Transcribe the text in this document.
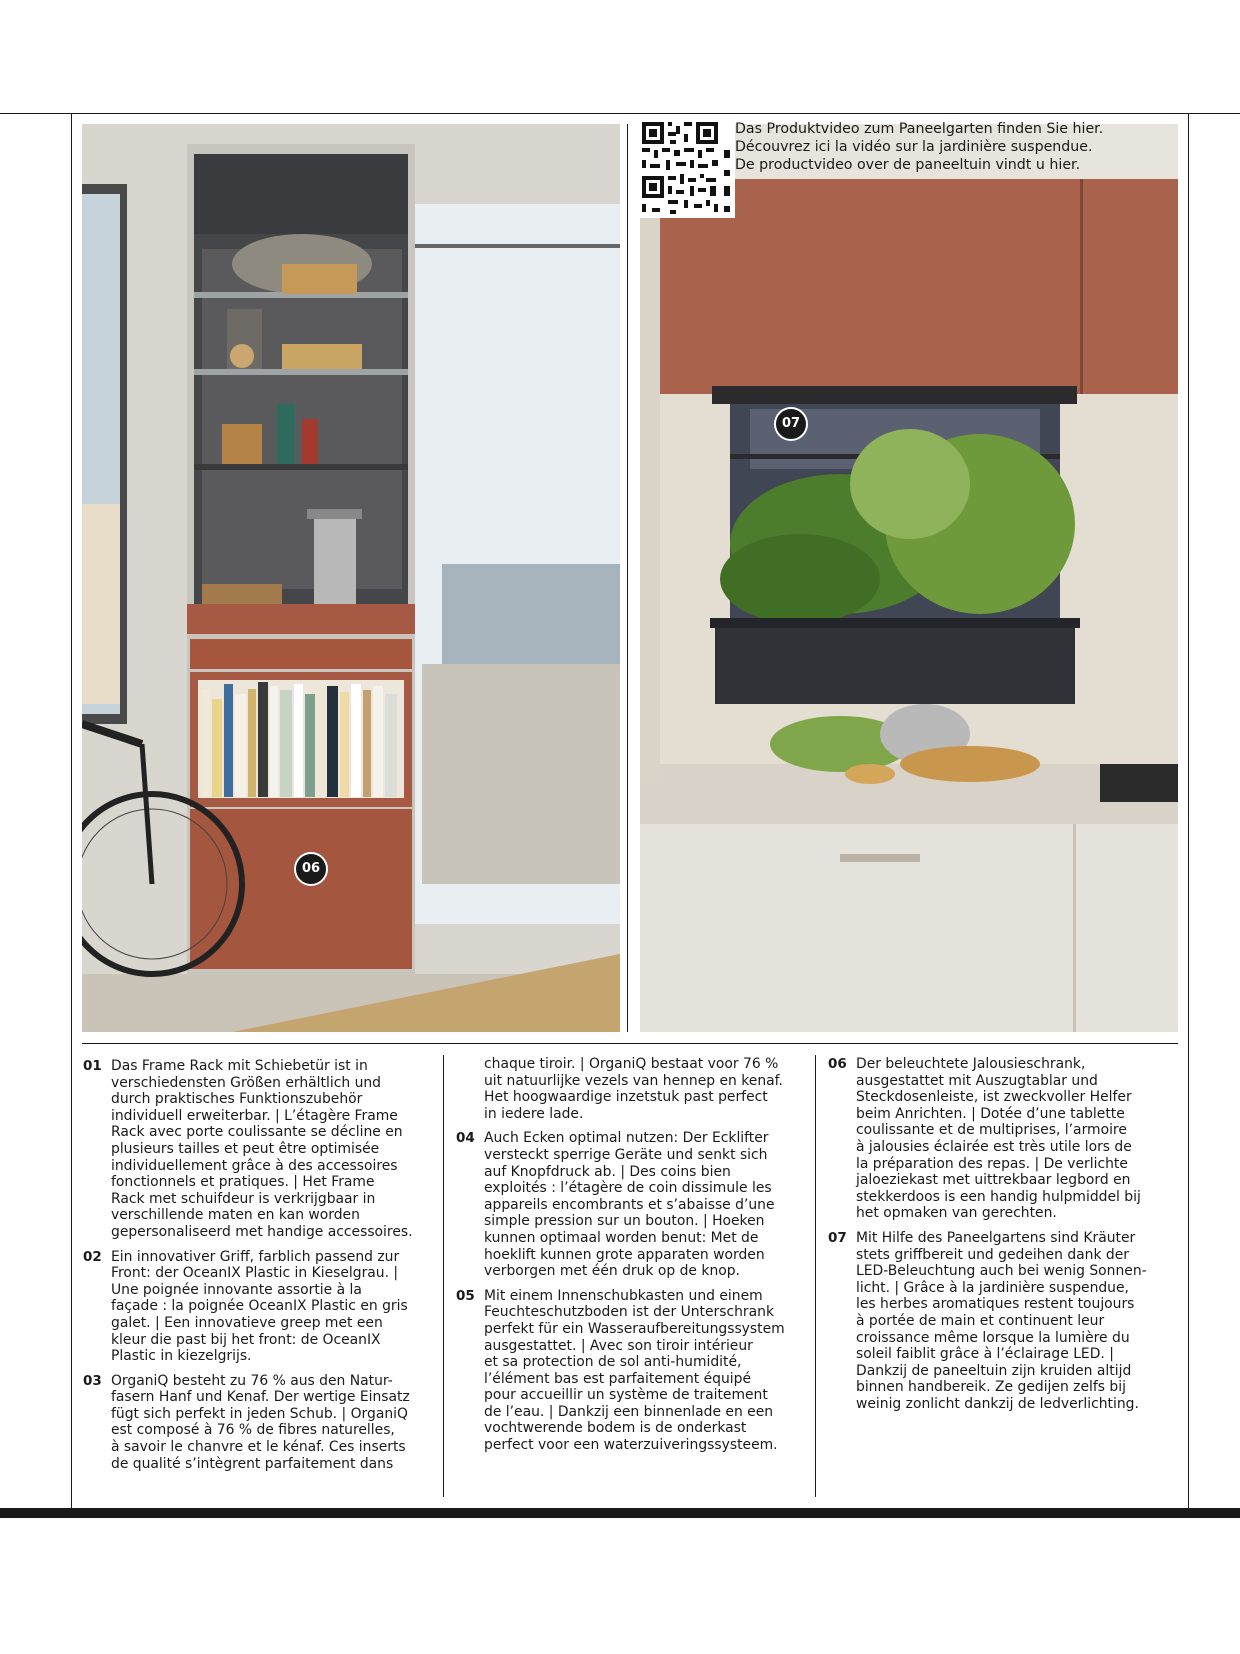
06
07
Das Produktvideo zum Paneelgarten finden Sie hier.
Découvrez ici la vidéo sur la jardinière suspendue.
De productvideo over de paneeltuin vindt u hier.
01 Das Frame Rack mit Schiebetür ist in
verschiedensten Größen erhältlich und
durch praktisches Funktionszubehör
individuell erweiterbar. | L’étagère Frame
Rack avec porte coulissante se décline en
plusieurs tailles et peut être optimisée
individuellement grâce à des accessoires
fonctionnels et pratiques. | Het Frame
Rack met schuifdeur is verkrijgbaar in
verschillende maten en kan worden
gepersonaliseerd met handige accessoires.
02 Ein innovativer Griff, farblich passend zur
Front: der OceanIX Plastic in Kieselgrau. |
Une poignée innovante assortie à la
façade : la poignée OceanIX Plastic en gris
galet. | Een innovatieve greep met een
kleur die past bij het front: de OceanIX
Plastic in kiezelgrijs.
03 OrganiQ besteht zu 76 % aus den Natur-
fasern Hanf und Kenaf. Der wertige Einsatz
fügt sich perfekt in jeden Schub. | OrganiQ
est composé à 76 % de fibres naturelles,
à savoir le chanvre et le kénaf. Ces inserts
de qualité s’intègrent parfaitement dans
chaque tiroir. | OrganiQ bestaat voor 76 %
uit natuurlijke vezels van hennep en kenaf.
Het hoogwaardige inzetstuk past perfect
in iedere lade.
04 Auch Ecken optimal nutzen: Der Ecklifter
versteckt sperrige Geräte und senkt sich
auf Knopfdruck ab. | Des coins bien
exploités : l’étagère de coin dissimule les
appareils encombrants et s’abaisse d’une
simple pression sur un bouton. | Hoeken
kunnen optimaal worden benut: Met de
hoeklift kunnen grote apparaten worden
verborgen met één druk op de knop.
05 Mit einem Innenschubkasten und einem
Feuchteschutzboden ist der Unterschrank
perfekt für ein Wasseraufbereitungssystem
ausgestattet. | Avec son tiroir intérieur
et sa protection de sol anti-humidité,
l’élément bas est parfaitement équipé
pour accueillir un système de traitement
de l’eau. | Dankzij een binnenlade en een
vochtwerende bodem is de onderkast
perfect voor een waterzuiveringssysteem.
06 Der beleuchtete Jalousieschrank,
ausgestattet mit Auszugtablar und
Steckdosenleiste, ist zweckvoller Helfer
beim Anrichten. | Dotée d’une tablette
coulissante et de multiprises, l’armoire
à jalousies éclairée est très utile lors de
la préparation des repas. | De verlichte
jaloeziekast met uittrekbaar legbord en
stekkerdoos is een handig hulpmiddel bij
het opmaken van gerechten.
07 Mit Hilfe des Paneelgartens sind Kräuter
stets griffbereit und gedeihen dank der
LED-Beleuchtung auch bei wenig Sonnen-
licht. | Grâce à la jardinière suspendue,
les herbes aromatiques restent toujours
à portée de main et continuent leur
croissance même lorsque la lumière du
soleil faiblit grâce à l’éclairage LED. |
Dankzij de paneeltuin zijn kruiden altijd
binnen handbereik. Ze gedijen zelfs bij
weinig zonlicht dankzij de ledverlichting.
